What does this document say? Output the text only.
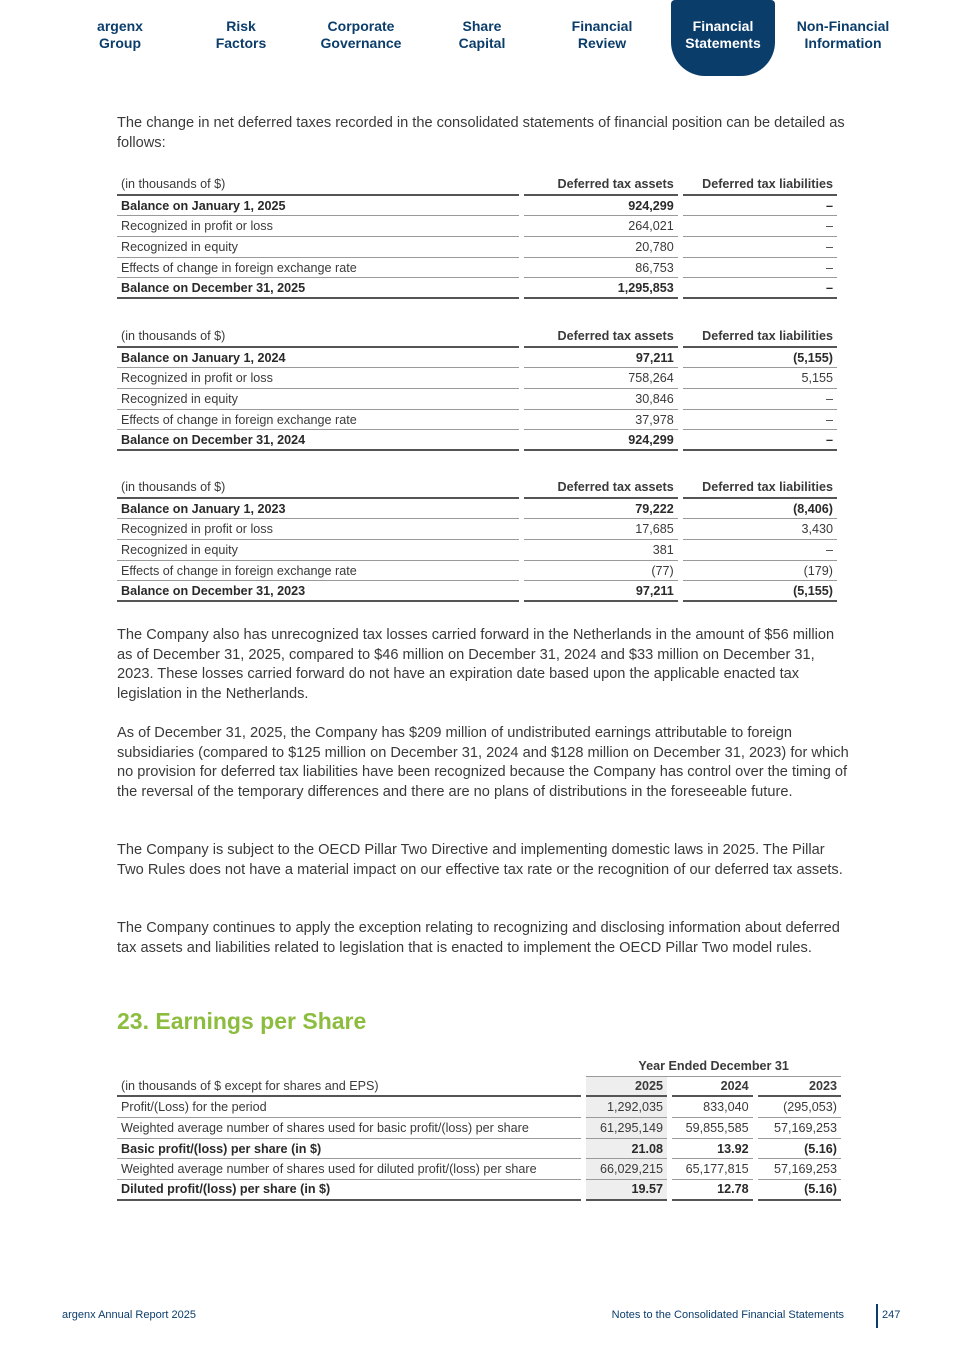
argenx
Group
Risk
Factors
Corporate
Governance
Share
Capital
Financial
Review
Financial
Statements
Non-Financial
Information

The change in net deferred taxes recorded in the consolidated statements of financial position can be detailed as follows:

(in thousands of $)	Deferred tax assets	Deferred tax liabilities
Balance on January 1, 2025	924,299	–
Recognized in profit or loss	264,021	–
Recognized in equity	20,780	–
Effects of change in foreign exchange rate	86,753	–
Balance on December 31, 2025	1,295,853	–
(in thousands of $)	Deferred tax assets	Deferred tax liabilities
Balance on January 1, 2024	97,211	(5,155)
Recognized in profit or loss	758,264	5,155
Recognized in equity	30,846	–
Effects of change in foreign exchange rate	37,978	–
Balance on December 31, 2024	924,299	–
(in thousands of $)	Deferred tax assets	Deferred tax liabilities
Balance on January 1, 2023	79,222	(8,406)
Recognized in profit or loss	17,685	3,430
Recognized in equity	381	–
Effects of change in foreign exchange rate	(77)	(179)
Balance on December 31, 2023	97,211	(5,155)

The Company also has unrecognized tax losses carried forward in the Netherlands in the amount of $56 million as of December 31, 2025, compared to $46 million on December 31, 2024 and $33 million on December 31, 2023. These losses carried forward do not have an expiration date based upon the applicable enacted tax legislation in the Netherlands.

As of December 31, 2025, the Company has $209 million of undistributed earnings attributable to foreign subsidiaries (compared to $125 million on December 31, 2024 and $128 million on December 31, 2023) for which no provision for deferred tax liabilities have been recognized because the Company has control over the timing of the reversal of the temporary differences and there are no plans of distributions in the foreseeable future.

The Company is subject to the OECD Pillar Two Directive and implementing domestic laws in 2025. The Pillar Two Rules does not have a material impact on our effective tax rate or the recognition of our deferred tax assets.

The Company continues to apply the exception relating to recognizing and disclosing information about deferred tax assets and liabilities related to legislation that is enacted to implement the OECD Pillar Two model rules.

23. Earnings per Share
	Year Ended December 31		
(in thousands of $ except for shares and EPS)	2025	2024	2023
Profit/(Loss) for the period	1,292,035	833,040	(295,053)
Weighted average number of shares used for basic profit/(loss) per share	61,295,149	59,855,585	57,169,253
Basic profit/(loss) per share (in $)	21.08	13.92	(5.16)
Weighted average number of shares used for diluted profit/(loss) per share	66,029,215	65,177,815	57,169,253
Diluted profit/(loss) per share (in $)	19.57	12.78	(5.16)
argenx Annual Report 2025	Notes to the Consolidated Financial Statements	247
